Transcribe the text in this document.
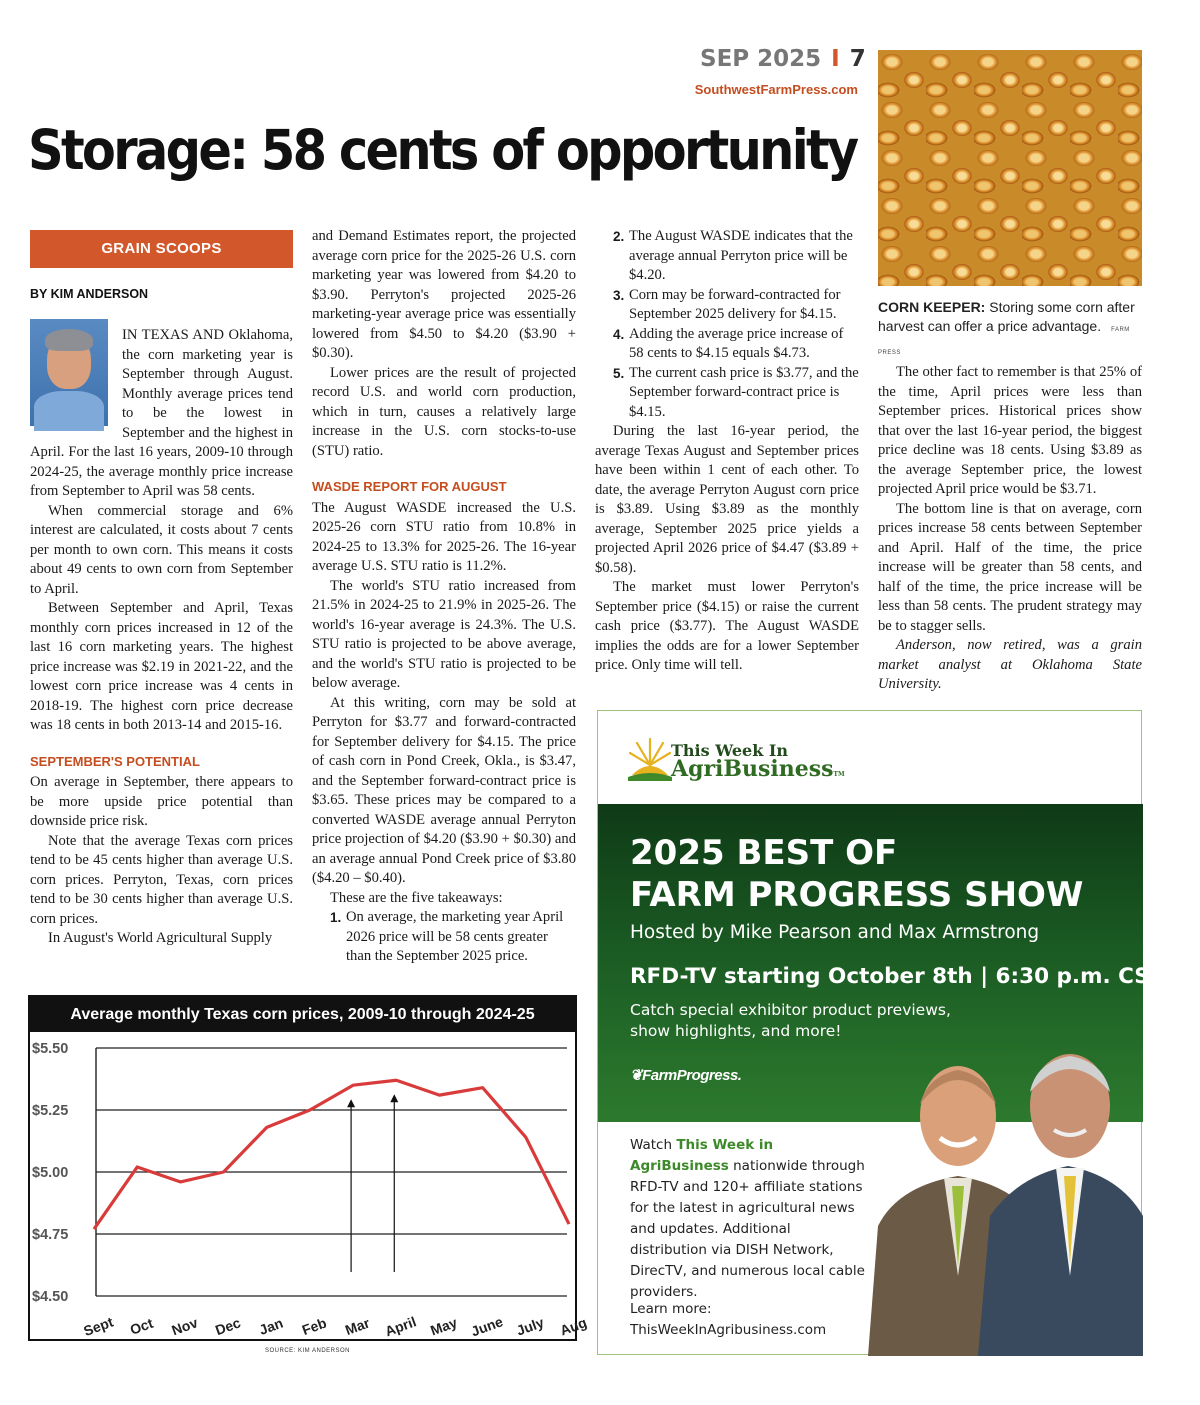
SEP 2025 I 7
SouthwestFarmPress.com
Storage: 58 cents of opportunity
CORN KEEPER: Storing some corn after harvest can offer a price advantage. FARM PRESS
GRAIN SCOOPS
BY KIM ANDERSON

IN TEXAS AND Oklahoma, the corn marketing year is September through August. Monthly average prices tend to be the lowest in September and the highest in April. For the last 16 years, 2009-10 through 2024-25, the average monthly price increase from September to April was 58 cents.

When commercial storage and 6% interest are calculated, it costs about 7 cents per month to own corn. This means it costs about 49 cents to own corn from September to April.

Between September and April, Texas monthly corn prices increased in 12 of the last 16 corn marketing years. The highest price increase was $2.19 in 2021-22, and the lowest corn price increase was 4 cents in 2018-19. The highest corn price decrease was 18 cents in both 2013-14 and 2015-16.

SEPTEMBER'S POTENTIAL

On average in September, there appears to be more upside price potential than downside price risk.

Note that the average Texas corn prices tend to be 45 cents higher than average U.S. corn prices. Perryton, Texas, corn prices tend to be 30 cents higher than average U.S. corn prices.

In August's World Agricultural Supply

and Demand Estimates report, the projected average corn price for the 2025-26 U.S. corn marketing year was lowered from $4.20 to $3.90. Perryton's projected 2025-26 marketing-year average price was essentially lowered from $4.50 to $4.20 ($3.90 + $0.30).

Lower prices are the result of projected record U.S. and world corn production, which in turn, causes a relatively large increase in the U.S. corn stocks-to-use (STU) ratio.

WASDE REPORT FOR AUGUST

The August WASDE increased the U.S. 2025-26 corn STU ratio from 10.8% in 2024-25 to 13.3% for 2025-26. The 16-year average U.S. STU ratio is 11.2%.

The world's STU ratio increased from 21.5% in 2024-25 to 21.9% in 2025-26. The world's 16-year average is 24.3%. The U.S. STU ratio is projected to be above average, and the world's STU ratio is projected to be below average.

At this writing, corn may be sold at Perryton for $3.77 and forward-contracted for September delivery for $4.15. The price of cash corn in Pond Creek, Okla., is $3.47, and the September forward-contract price is $3.65. These prices may be compared to a converted WASDE average annual Perryton price projection of $4.20 ($3.90 + $0.30) and an average annual Pond Creek price of $3.80 ($4.20 – $0.40).

These are the five takeaways:

1. On average, the marketing year April 2026 price will be 58 cents greater than the September 2025 price.
2. The August WASDE indicates that the average annual Perryton price will be $4.20.
3. Corn may be forward-contracted for September 2025 delivery for $4.15.
4. Adding the average price increase of 58 cents to $4.15 equals $4.73.
5. The current cash price is $3.77, and the September forward-contract price is $4.15.

During the last 16-year period, the average Texas August and September prices have been within 1 cent of each other. To date, the average Perryton August corn price is $3.89. Using $3.89 as the monthly average, September 2025 price yields a projected April 2026 price of $4.47 ($3.89 + $0.58).

The market must lower Perryton's September price ($4.15) or raise the current cash price ($3.77). The August WASDE implies the odds are for a lower September price. Only time will tell.

The other fact to remember is that 25% of the time, April prices were less than September prices. Historical prices show that over the last 16-year period, the biggest price decline was 18 cents. Using $3.89 as the average September price, the lowest projected April price would be $3.71.

The bottom line is that on average, corn prices increase 58 cents between September and April. Half of the time, the price increase will be greater than 58 cents, and half of the time, the price increase will be less than 58 cents. The prudent strategy may be to stagger sells.

Anderson, now retired, was a grain market analyst at Oklahoma State University.

Average monthly Texas corn prices, 2009-10 through 2024-25
$5.50
$5.25
$5.00
$4.75
$4.50
Sept Oct Nov Dec Jan Feb Mar April May June July Aug
SOURCE: KIM ANDERSON
This Week In
AgriBusinessTM
2025 BEST OF
FARM PROGRESS SHOW
Hosted by Mike Pearson and Max Armstrong
RFD-TV starting October 8th | 6:30 p.m. CST
Catch special exhibitor product previews, show highlights, and more!
❦FarmProgress.
Watch This Week in AgriBusiness nationwide through RFD-TV and 120+ affiliate stations for the latest in agricultural news and updates. Additional distribution via DISH Network, DirecTV, and numerous local cable providers.
Learn more:
ThisWeekInAgribusiness.com
